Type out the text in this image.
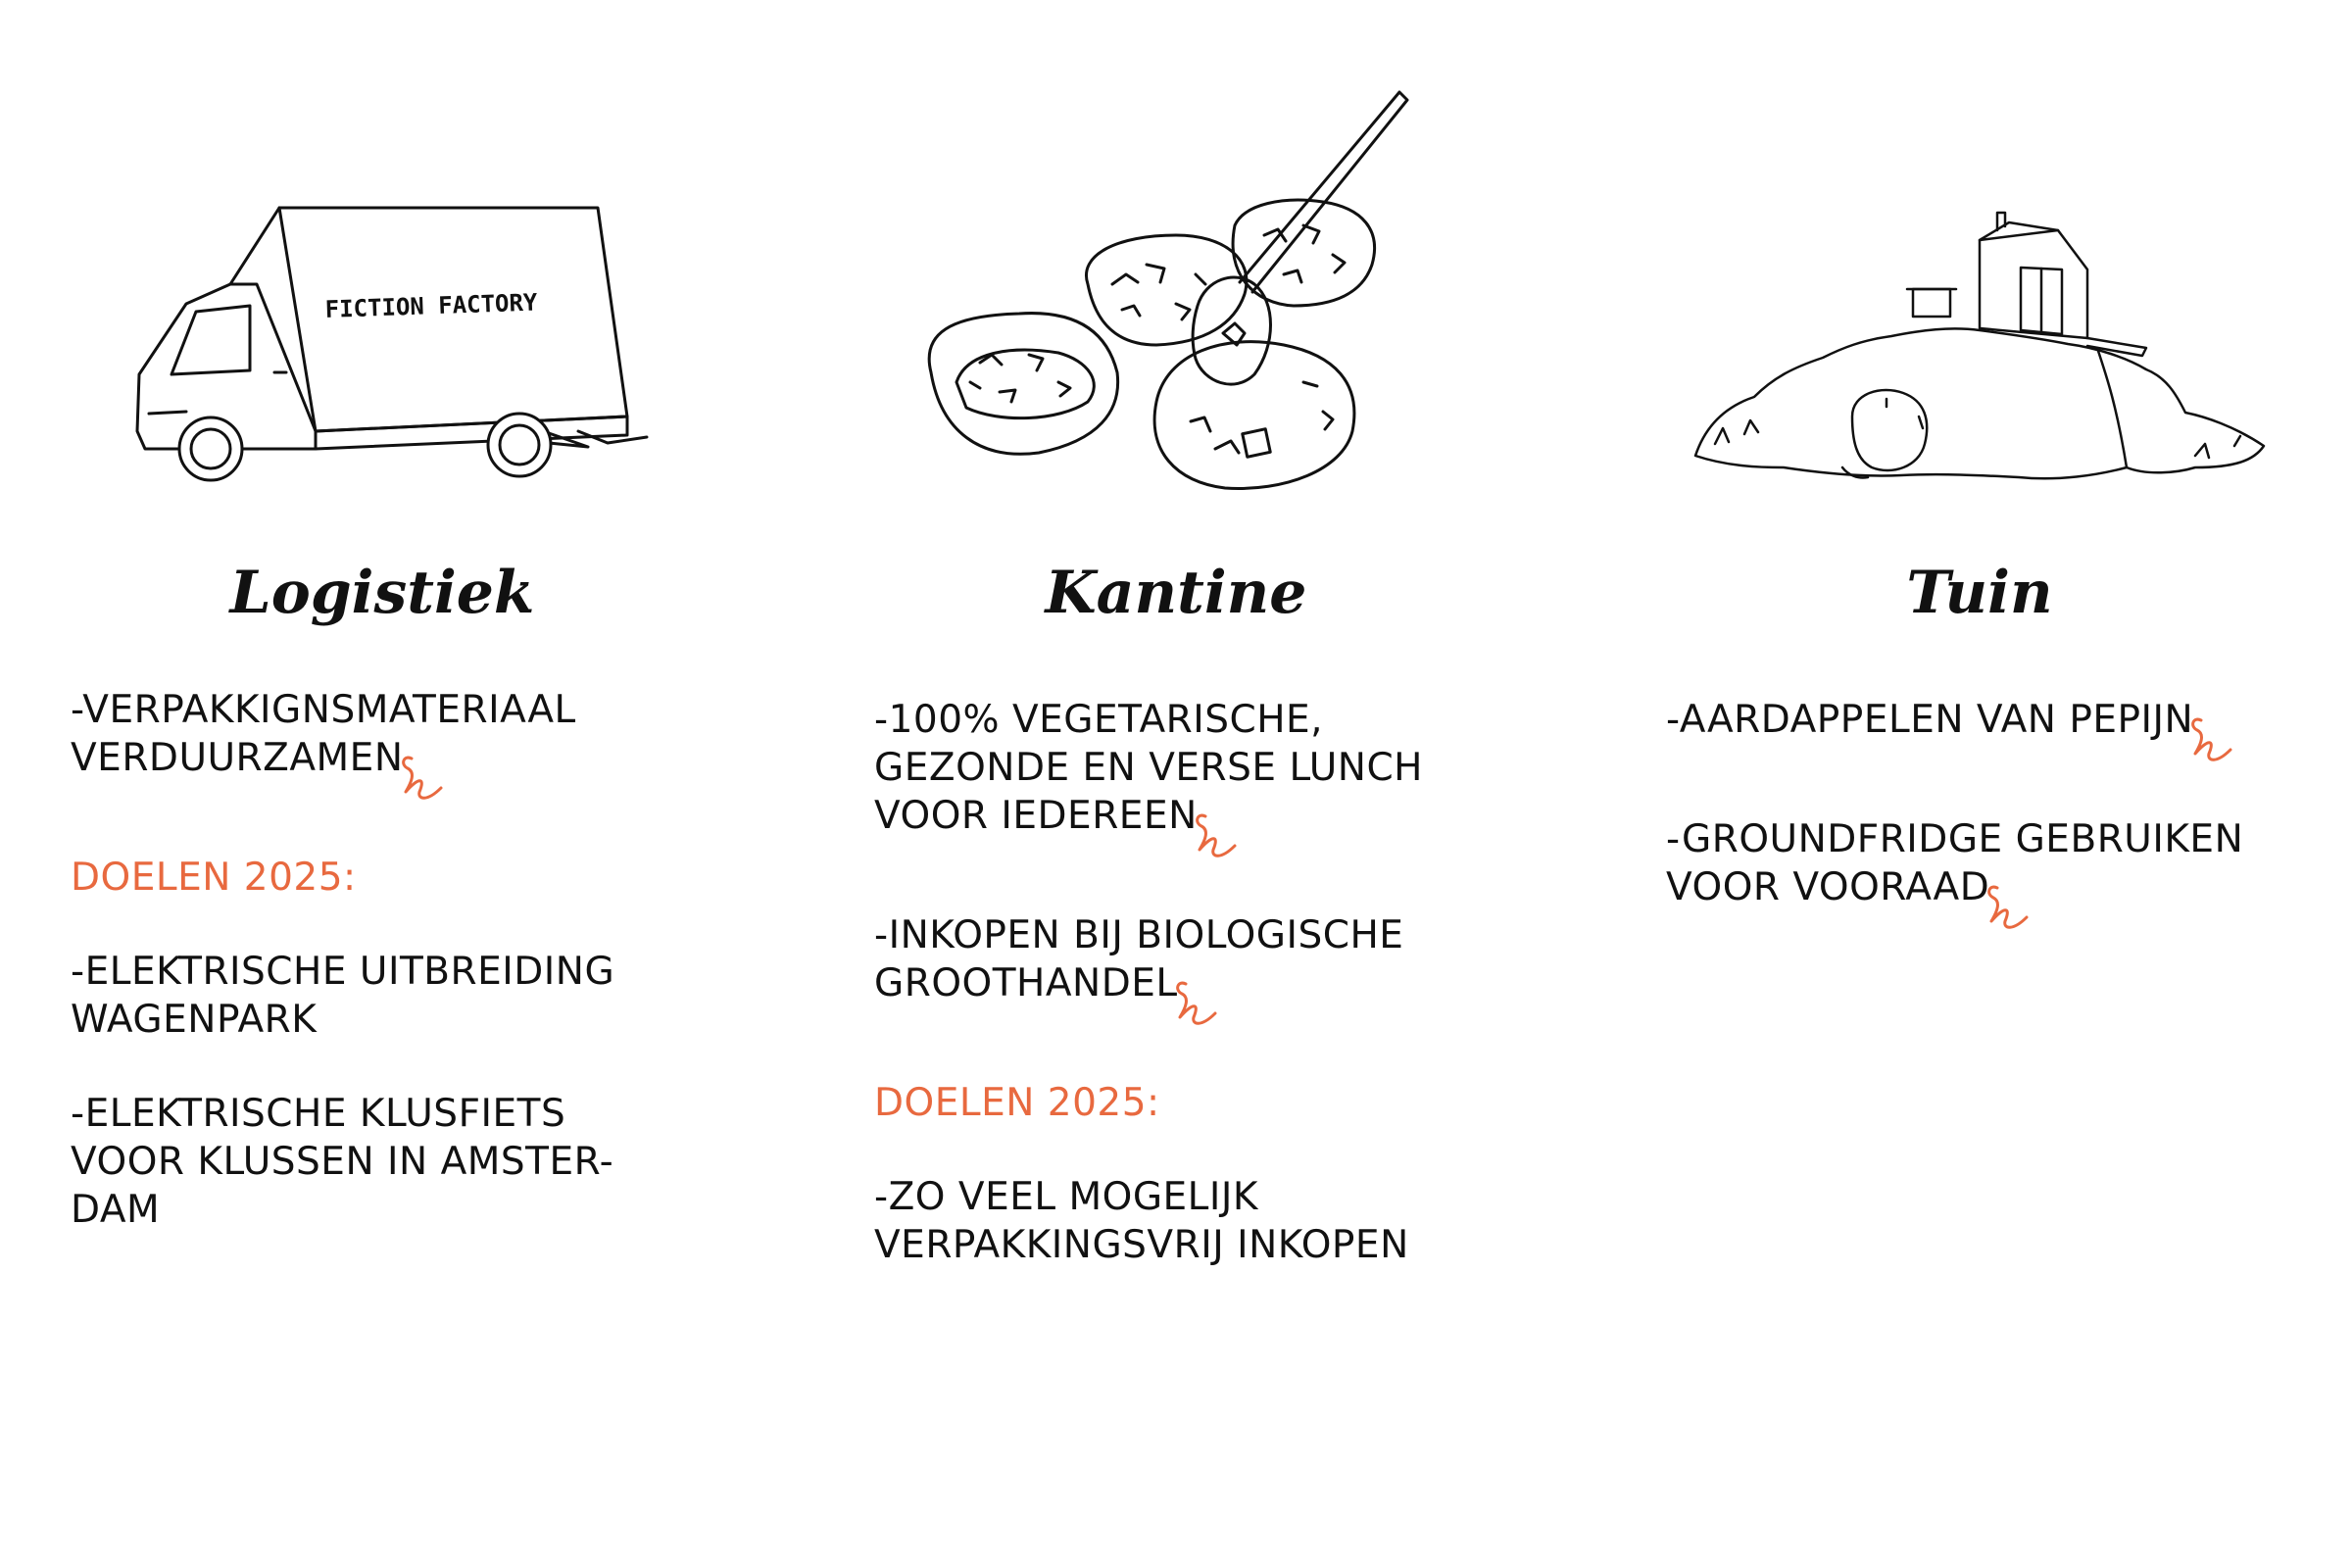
FICTION FACTORY
Logistiek
-VERPAKKIGNSMATERIAAL
VERDUURZAMEN
DOELEN 2025:
-ELEKTRISCHE UITBREIDING
WAGENPARK
-ELEKTRISCHE KLUSFIETS
VOOR KLUSSEN IN AMSTER-
DAM
Kantine
-100% VEGETARISCHE,
GEZONDE EN VERSE LUNCH
VOOR IEDEREEN
-INKOPEN BIJ BIOLOGISCHE
GROOTHANDEL
DOELEN 2025:
-ZO VEEL MOGELIJK
VERPAKKINGSVRIJ INKOPEN
Tuin
-AARDAPPELEN VAN PEPIJN
-GROUNDFRIDGE GEBRUIKEN
VOOR VOORAAD
